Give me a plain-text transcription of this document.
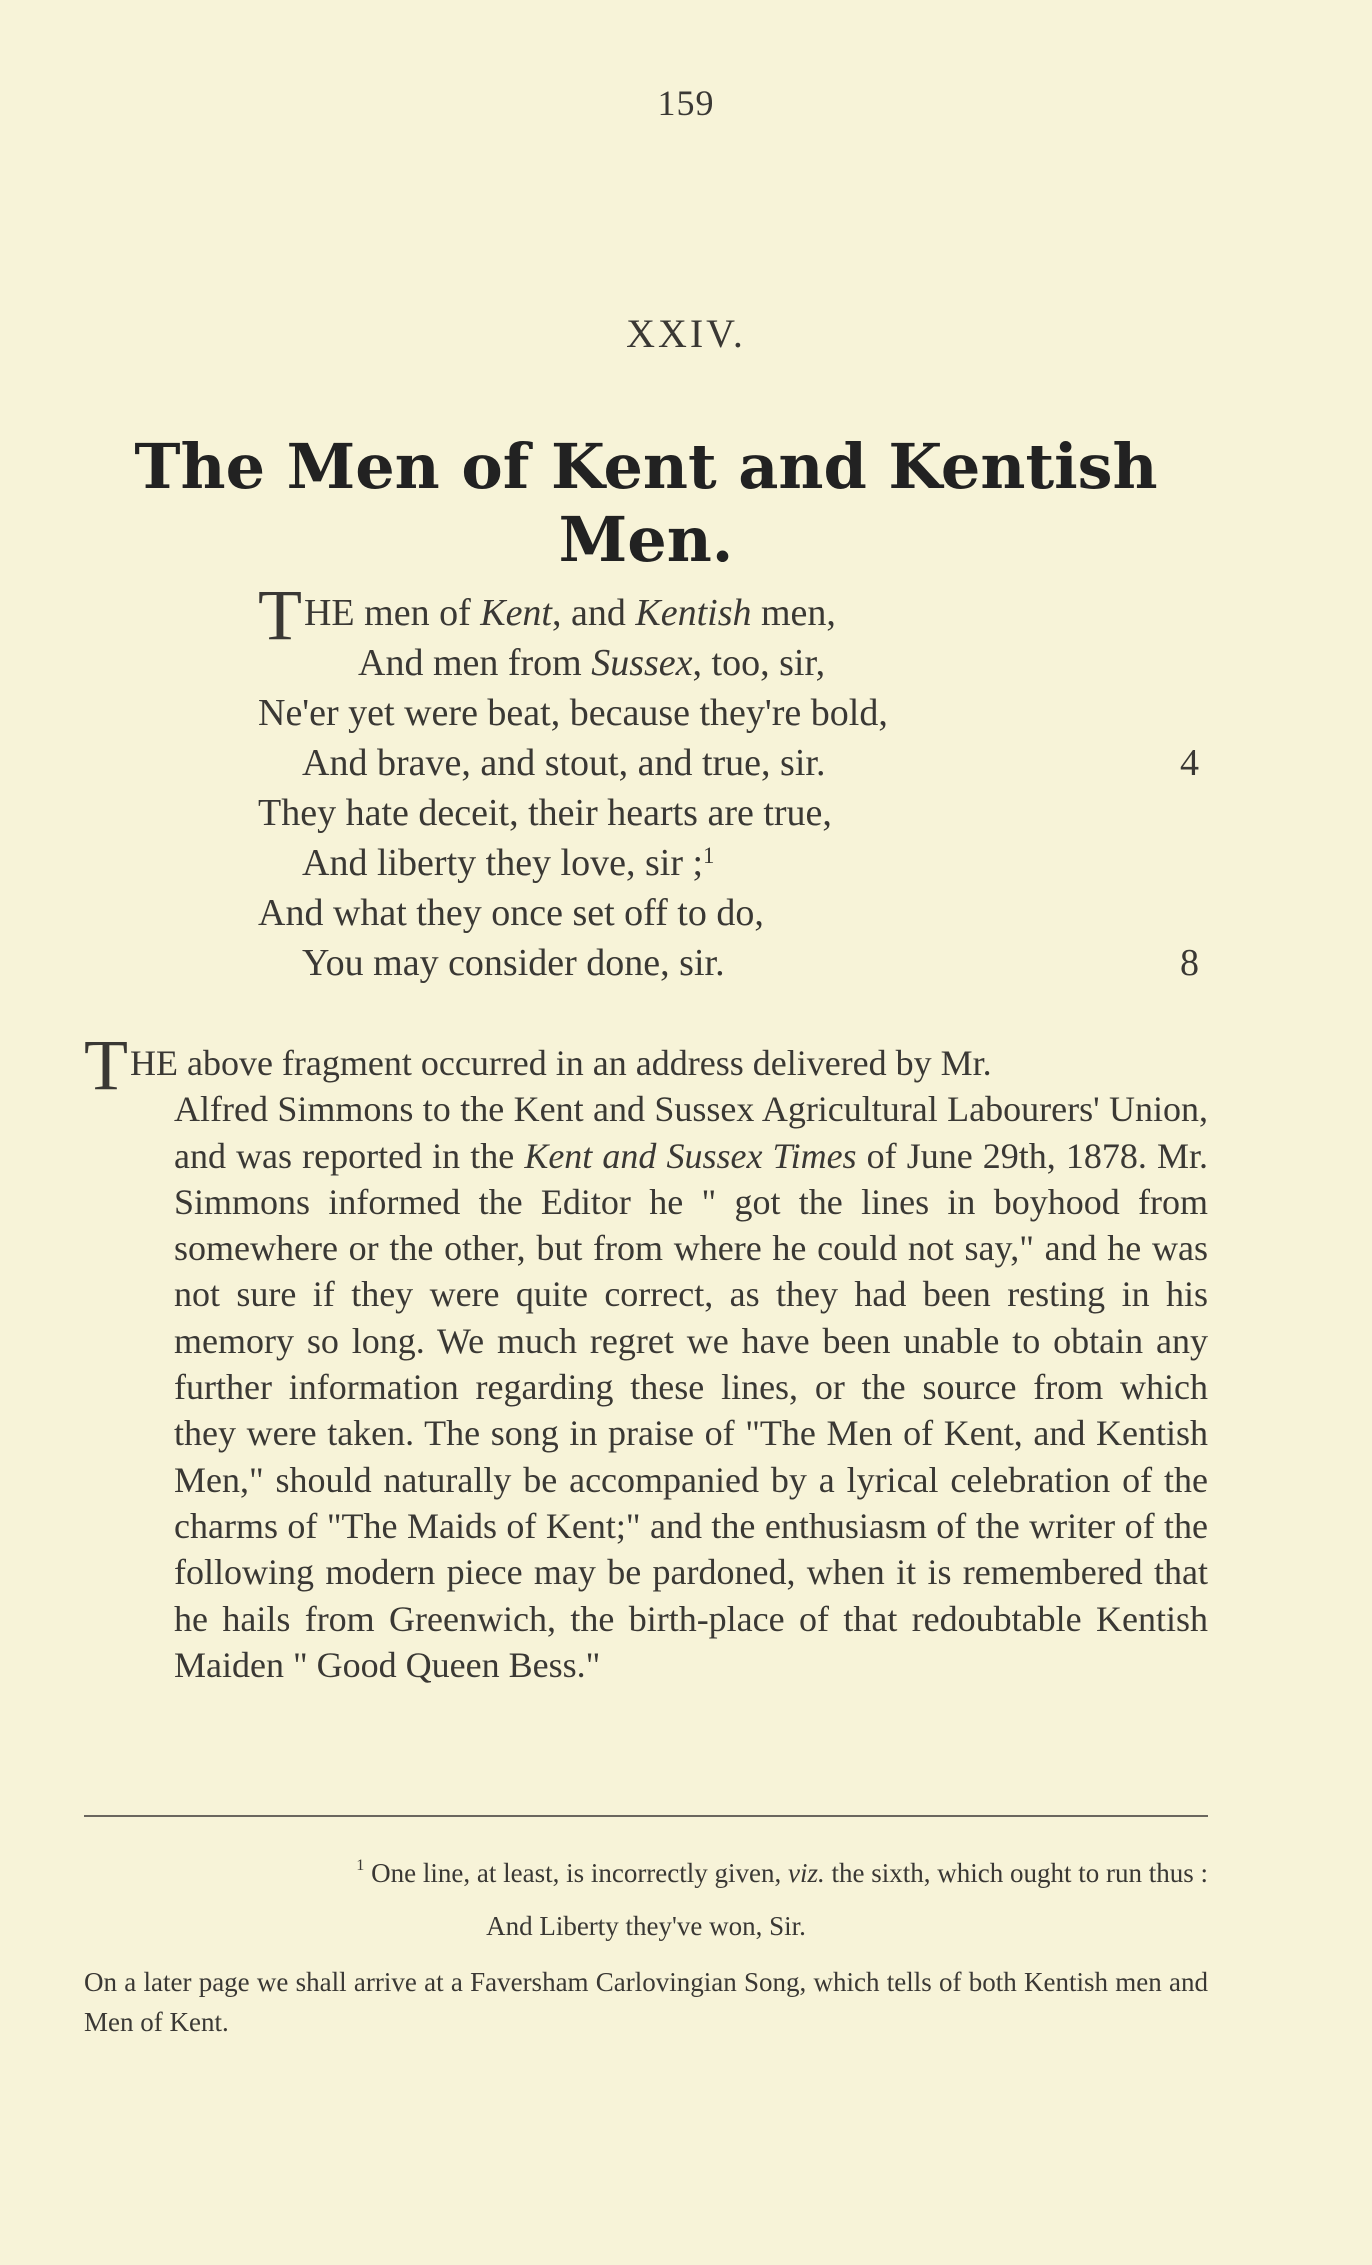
159
XXIV.
The Men of Kent and Kentish Men.
THE men of Kent, and Kentish men,
And men from Sussex, too, sir,
Ne'er yet were beat, because they're bold,
And brave, and stout, and true, sir.	4
They hate deceit, their hearts are true,
And liberty they love, sir ;$^1$
And what they once set off to do,
You may consider done, sir.	8
THE above fragment occurred in an address delivered by Mr.
Alfred Simmons to the Kent and Sussex Agricultural Labourers' Union, and was reported in the Kent and Sussex Times of June 29th, 1878. Mr. Simmons informed the Editor he " got the lines in boyhood from somewhere or the other, but from where he could not say," and he was not sure if they were quite correct, as they had been resting in his memory so long. We much regret we have been unable to obtain any further information regarding these lines, or the source from which they were taken. The song in praise of "The Men of Kent, and Kentish Men," should naturally be accompanied by a lyrical celebration of the charms of "The Maids of Kent;" and the enthusiasm of the writer of the following modern piece may be pardoned, when it is remembered that he hails from Greenwich, the birth-place of that redoubtable Kentish Maiden " Good Queen Bess."
$^1$ One line, at least, is incorrectly given, viz. the sixth, which ought to run thus :
And Liberty they've won, Sir.
On a later page we shall arrive at a Faversham Carlovingian Song, which tells of both Kentish men and Men of Kent.
